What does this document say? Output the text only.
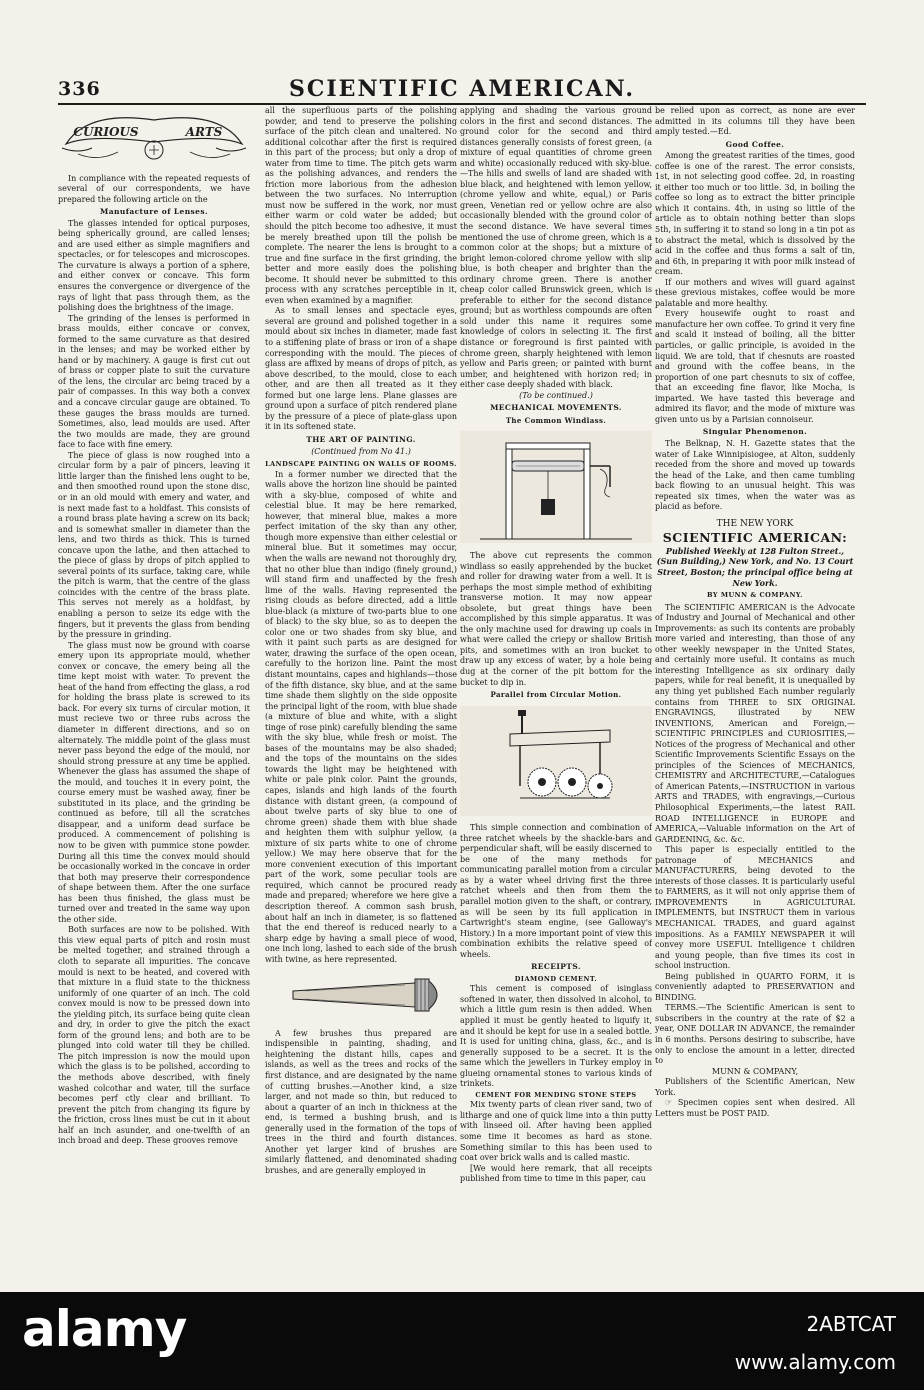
336	SCIENTIFIC AMERICAN.
CURIOUS	ARTS

In compliance with the repeated requests of several of our correspondents, we have prepared the following article on the

Manufacture of Lenses.

The glasses intended for optical purposes, being spherically ground, are called lenses; and are used either as simple magnifiers and spectacles, or for telescopes and microscopes. The curvature is always a portion of a sphere, and either convex or concave. This form ensures the convergence or divergence of the rays of light that pass through them, as the polishing does the brightness of the image.

The grinding of the lenses is performed in brass moulds, either concave or convex, formed to the same curvature as that desired in the lenses; and may be worked either by hand or by machinery. A gauge is first cut out of brass or copper plate to suit the curvature of the lens, the circular arc being traced by a pair of compasses. In this way both a convex and a concave circular gauge are obtained. To these gauges the brass moulds are turned. Sometimes, also, lead moulds are used. After the two moulds are made, they are ground face to face with fine emery.

The piece of glass is now roughed into a circular form by a pair of pincers, leaving it little larger than the finished lens ought to be, and then smoothed round upon the stone disc, or in an old mould with emery and water, and is next made fast to a holdfast. This consists of a round brass plate having a screw on its back; and is somewhat smaller in diameter than the lens, and two thirds as thick. This is turned concave upon the lathe, and then attached to the piece of glass by drops of pitch applied to several points of its surface, taking care, while the pitch is warm, that the centre of the glass coincides with the centre of the brass plate. This serves not merely as a holdfast, by enabling a person to seize its edge with the fingers, but it prevents the glass from bending by the pressure in grinding.

The glass must now be ground with coarse emery upon its appropriate mould, whether convex or concave, the emery being all the time kept moist with water. To prevent the heat of the hand from effecting the glass, a rod for holding the brass plate is screwed to its back. For every six turns of circular motion, it must recieve two or three rubs across the diameter in different directions, and so on alternately. The middle point of the glass must never pass beyond the edge of the mould, nor should strong pressure at any time be applied. Whenever the glass has assumed the shape of the mould, and touches it in every point, the course emery must be washed away, finer be substituted in its place, and the grinding be continued as before, till all the scratches disappear, and a uniform dead surface be produced. A commencement of polishing is now to be given with pummice stone powder. During all this time the convex mould should be occasionally worked in the concave in order that both may preserve their correspondence of shape between them. After the one surface has been thus finished, the glass must be turned over and treated in the same way upon the other side.

Both surfaces are now to be polished. With this view equal parts of pitch and rosin must be melted together, and strained through a cloth to separate all impurities. The concave mould is next to be heated, and covered with that mixture in a fluid state to the thickness uniformly of one quarter of an inch. The cold convex mould is now to be pressed down into the yielding pitch, its surface being quite clean and dry, in order to give the pitch the exact form of the ground lens; and both are to be plunged into cold water till they be chilled. The pitch impression is now the mould upon which the glass is to be polished, according to the methods above described, with finely washed colcothar and water, till the surface becomes perf ctly clear and brilliant. To prevent the pitch from changing its figure by the friction, cross lines must be cut in it about half an inch asunder, and one-twelfth of an inch broad and deep. These grooves remove

all the superfluous parts of the polishing powder, and tend to preserve the polishing surface of the pitch clean and unaltered. No additional colcothar after the first is required in this part of the process; but only a drop of water from time to time. The pitch gets warm as the polishing advances, and renders the friction more laborious from the adhesion between the two surfaces. No interruption must now be suffered in the work, nor must either warm or cold water be added; but should the pitch become too adhesive, it must be merely breathed upon till the polish be complete. The nearer the lens is brought to a true and fine surface in the first grinding, the better and more easily does the polishing become. It should never be submitted to this process with any scratches perceptible in it, even when examined by a magnifier.

As to small lenses and spectacle eyes, several are ground and polished together in a mould about six inches in diameter, made fast to a stiffening plate of brass or iron of a shape corresponding with the mould. The pieces of glass are affixed by means of drops of pitch, as above described, to the mould, close to each other, and are then all treated as it they formed but one large lens. Plane glasses are ground upon a surface of pitch rendered plane by the pressure of a piece of plate-glass upon it in its softened state.

THE ART OF PAINTING.

(Continued from No 41.)

LANDSCAPE PAINTING ON WALLS OF ROOMS.

In a former number we directed that the walls above the horizon line should be painted with a sky-blue, composed of white and celestial blue. It may be here remarked, however, that mineral blue, makes a more perfect imitation of the sky than any other, though more expensive than either celestial or mineral blue. But it sometimes may occur, when the walls are newand not thoroughly dry, that no other blue than indigo (finely ground,) will stand firm and unaffected by the fresh lime of the walls. Having represented the rising clouds as before directed, add a little blue-black (a mixture of two-parts blue to one of black) to the sky blue, so as to deepen the color one or two shades from sky blue, and with it paint such parts as are designed for water, drawing the surface of the open ocean, carefully to the horizon line. Paint the most distant mountains, capes and highlands—those of the fifth distance, sky blue, and at the same time shade them slightly on the side opposite the principal light of the room, with blue shade (a mixture of blue and white, with a slight tinge of rose pink) carefully blending the same with the sky blue, while fresh or moist. The bases of the mountains may be also shaded; and the tops of the mountains on the sides towards the light may be heightened with white or pale pink color. Paint the grounds, capes, islands and high lands of the fourth distance with distant green, (a compound of about twelve parts of sky blue to one of chrome green) shade them with blue shade and heighten them with sulphur yellow, (a mixture of six parts white to one of chrome yellow.) We may here observe that for the more convenient execution of this important part of the work, some peculiar tools are required, which cannot be procured ready made and prepared; wherefore we here give a description thereof. A common sash brush, about half an inch in diameter, is so flattened that the end thereof is reduced nearly to a sharp edge by having a small piece of wood, one inch long, lashed to each side of the brush with twine, as here represented.

A few brushes thus prepared are indispensible in painting, shading, and heightening the distant hills, capes and islands, as well as the trees and rocks of the first distance, and are designated by the name of cutting brushes.—Another kind, a size larger, and not made so thin, but reduced to about a quarter of an inch in thickness at the end, is termed a bushing brush, and is generally used in the formation of the tops of trees in the third and fourth distances. Another yet larger kind of brushes are similarly flattened, and denominated shading brushes, and are generally employed in

applying and shading the various ground colors in the first and second distances. The ground color for the second and third distances generally consists of forest green, (a mixture of equal quantities of chrome green and white) occasionally reduced with sky-blue.—The hills and swells of land are shaded with blue black, and heightened with lemon yellow, (chrome yellow and white, equal,) or Paris green, Venetian red or yellow ochre are also occasionally blended with the ground color of the second distance. We have several times mentioned the use of chrome green, which is a common color at the shops; but a mixture of bright lemon-colored chrome yellow with slip blue, is both cheaper and brighter than the ordinary chrome green. There is another cheap color called Brunswick green, which is preferable to either for the second distance ground; but as worthless compounds are often sold under this name it requires some knowledge of colors in selecting it. The first distance or foreground is first painted with chrome green, sharply heightened with lemon yellow and Paris green; or painted with burnt umber, and heightened with horizon red; in either case deeply shaded with black.

(To be continued.)

MECHANICAL MOVEMENTS.

The Common Windlass.

The above cut represents the common windlass so easily apprehended by the bucket and roller for drawing water from a well. It is perhaps the most simple method of exhibiting transverse motion. It may now appear obsolete, but great things have been accomplished by this simple apparatus. It was the only machine used for drawing up coals in what were called the criepy or shallow British pits, and sometimes with an iron bucket to draw up any excess of water, by a hole being dug at the corner of the pit bottom for the bucket to dip in.

Parallel from Circular Motion.

This simple connection and combination of three ratchet wheels by the shackle-bars and perpendicular shaft, will be easily discerned to be one of the many methods for communicating parallel motion from a circular as by a water wheel driving first the three ratchet wheels and then from them the parallel motion given to the shaft, or contrary, as will be seen by its full application in Cartwright's steam engine, (see Galloway's History.) In a more important point of view this combination exhibits the relative speed of wheels.

RECEIPTS.

DIAMOND CEMENT.

This cement is composed of isinglass softened in water, then dissolved in alcohol, to which a little gum resin is then added. When applied it must be gently heated to liquify it, and it should be kept for use in a sealed bottle. It is used for uniting china, glass, &c., and is generally supposed to be a secret. It is the same which the jewellers in Turkey employ in glueing ornamental stones to various kinds of trinkets.

CEMENT FOR MENDING STONE STEPS

Mix twenty parts of clean river sand, two of litharge and one of quick lime into a thin putty with linseed oil. After having been applied some time it becomes as hard as stone. Something similar to this has been used to coat over brick walls and is called mastic.

[We would here remark, that all receipts published from time to time in this paper, cau

be relied upon as correct, as none are ever admitted in its columns till they have been amply tested.—Ed.

Good Coffee.

Among the greatest rarities of the times, good coffee is one of the rarest. The error consists, 1st, in not selecting good coffee. 2d, in roasting it either too much or too little. 3d, in boiling the coffee so long as to extract the bitter principle which it contains. 4th, in using so little of the article as to obtain nothing better than slops 5th, in suffering it to stand so long in a tin pot as to abstract the metal, which is dissolved by the acid in the coffee and thus forms a salt of tin, and 6th, in preparing it with poor milk instead of cream.

If our mothers and wives will guard against these grevious mistakes, coffee would be more palatable and more healthy.

Every housewife ought to roast and manufacture her own coffee. To grind it very fine and scald it instead of boiling, all the bitter particles, or gallic principle, is avoided in the liquid. We are told, that if chesnuts are roasted and ground with the coffee beans, in the proportion of one part chesnuts to six of coffee, that an exceeding fine flavor, like Mocha, is imparted. We have tasted this beverage and admired its flavor, and the mode of mixture was given unto us by a Parisian connoiseur.

Singular Phenomenon.

The Belknap, N. H. Gazette states that the water of Lake Winnipisiogee, at Alton, suddenly receded from the shore and moved up towards the head of the Lake, and then came tumbling back flowing to an unusual height. This was repeated six times, when the water was as placid as before.

THE NEW YORK

SCIENTIFIC AMERICAN:

Published Weekly at 128 Fulton Street., (Sun Building,) New York, and No. 13 Court Street, Boston; the principal office being at New York.

BY MUNN & COMPANY.

The SCIENTIFIC AMERICAN is the Advocate of Industry and Journal of Mechanical and other Improvements: as such its contents are probably more varied and interesting, than those of any other weekly newspaper in the United States, and certainly more useful. It contains as much interesting Intelligence as six ordinary daily papers, while for real benefit, it is unequalled by any thing yet published Each number regularly contains from THREE to SIX ORIGINAL ENGRAVINGS, illustrated by NEW INVENTIONS, American and Foreign,—SCIENTIFIC PRINCIPLES and CURIOSITIES,—Notices of the progress of Mechanical and other Scientific Improvements Scientific Essays on the principles of the Sciences of MECHANICS, CHEMISTRY and ARCHITECTURE,—Catalogues of American Patents,—INSTRUCTION in various ARTS and TRADES, with engravings,—Curious Philosophical Experiments,—the latest RAIL ROAD INTELLIGENCE in EUROPE and AMERICA,—Valuable information on the Art of GARDENING, &c. &c.

This paper is especially entitled to the patronage of MECHANICS and MANUFACTURERS, being devoted to the interests of those classes. It is particularly useful to FARMERS, as it will not only apprise them of IMPROVEMENTS in AGRICULTURAL IMPLEMENTS, but INSTRUCT them in various MECHANICAL TRADES, and guard against impositions. As a FAMILY NEWSPAPER it will convey more USEFUL Intelligence t children and young people, than five times its cost in school instruction.

Being published in QUARTO FORM, it is conveniently adapted to PRESERVATION and BINDING.

TERMS.—The Scientific American is sent to subscribers in the country at the rate of $2 a year, ONE DOLLAR IN ADVANCE, the remainder in 6 months. Persons desiring to subscribe, have only to enclose the amount in a letter, directed to

MUNN & COMPANY,

Publishers of the Scientific American, New York.

☞ Specimen copies sent when desired. All Letters must be POST PAID.

alamy	2ABTCAT
www.alamy.com
